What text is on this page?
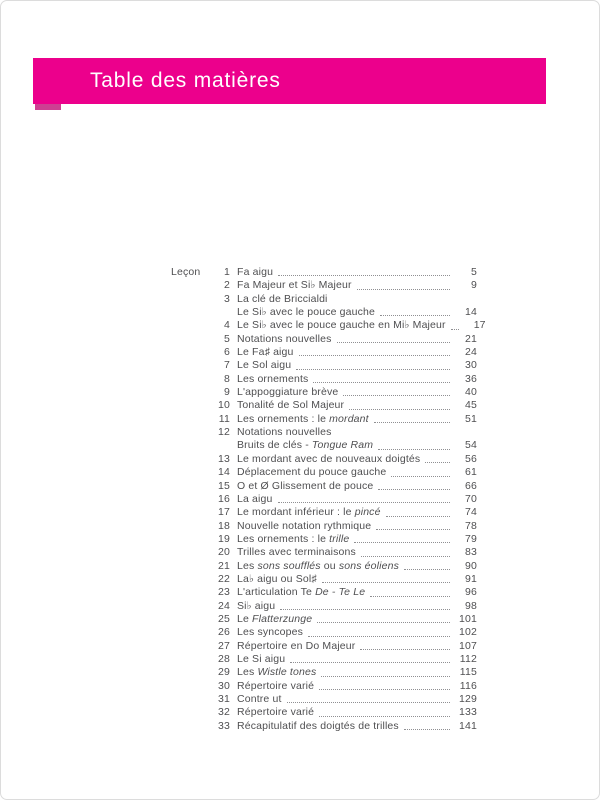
Table des matières
Leçon	1 Fa aigu	5
2 Fa Majeur et Si♭ Majeur	9
3 La clé de Briccialdi
Le Si♭ avec le pouce gauche	14
4 Le Si♭ avec le pouce gauche en Mi♭ Majeur	17
5 Notations nouvelles	21
6 Le Fa♯ aigu	24
7 Le Sol aigu	30
8 Les ornements	36
9 L'appoggiature brève	40
10 Tonalité de Sol Majeur	45
11 Les ornements : le mordant	51
12 Notations nouvelles
Bruits de clés - Tongue Ram	54
13 Le mordant avec de nouveaux doigtés	56
14 Déplacement du pouce gauche	61
15 O et Ø Glissement de pouce	66
16 La aigu	70
17 Le mordant inférieur : le pincé	74
18 Nouvelle notation rythmique	78
19 Les ornements : le trille	79
20 Trilles avec terminaisons	83
21 Les sons soufflés ou sons éoliens	90
22 La♭ aigu ou Sol♯	91
23 L'articulation Te De - Te Le	96
24 Si♭ aigu	98
25 Le Flatterzunge	101
26 Les syncopes	102
27 Répertoire en Do Majeur	107
28 Le Si aigu	112
29 Les Wistle tones	115
30 Répertoire varié	116
31 Contre ut	129
32 Répertoire varié	133
33 Récapitulatif des doigtés de trilles	141
